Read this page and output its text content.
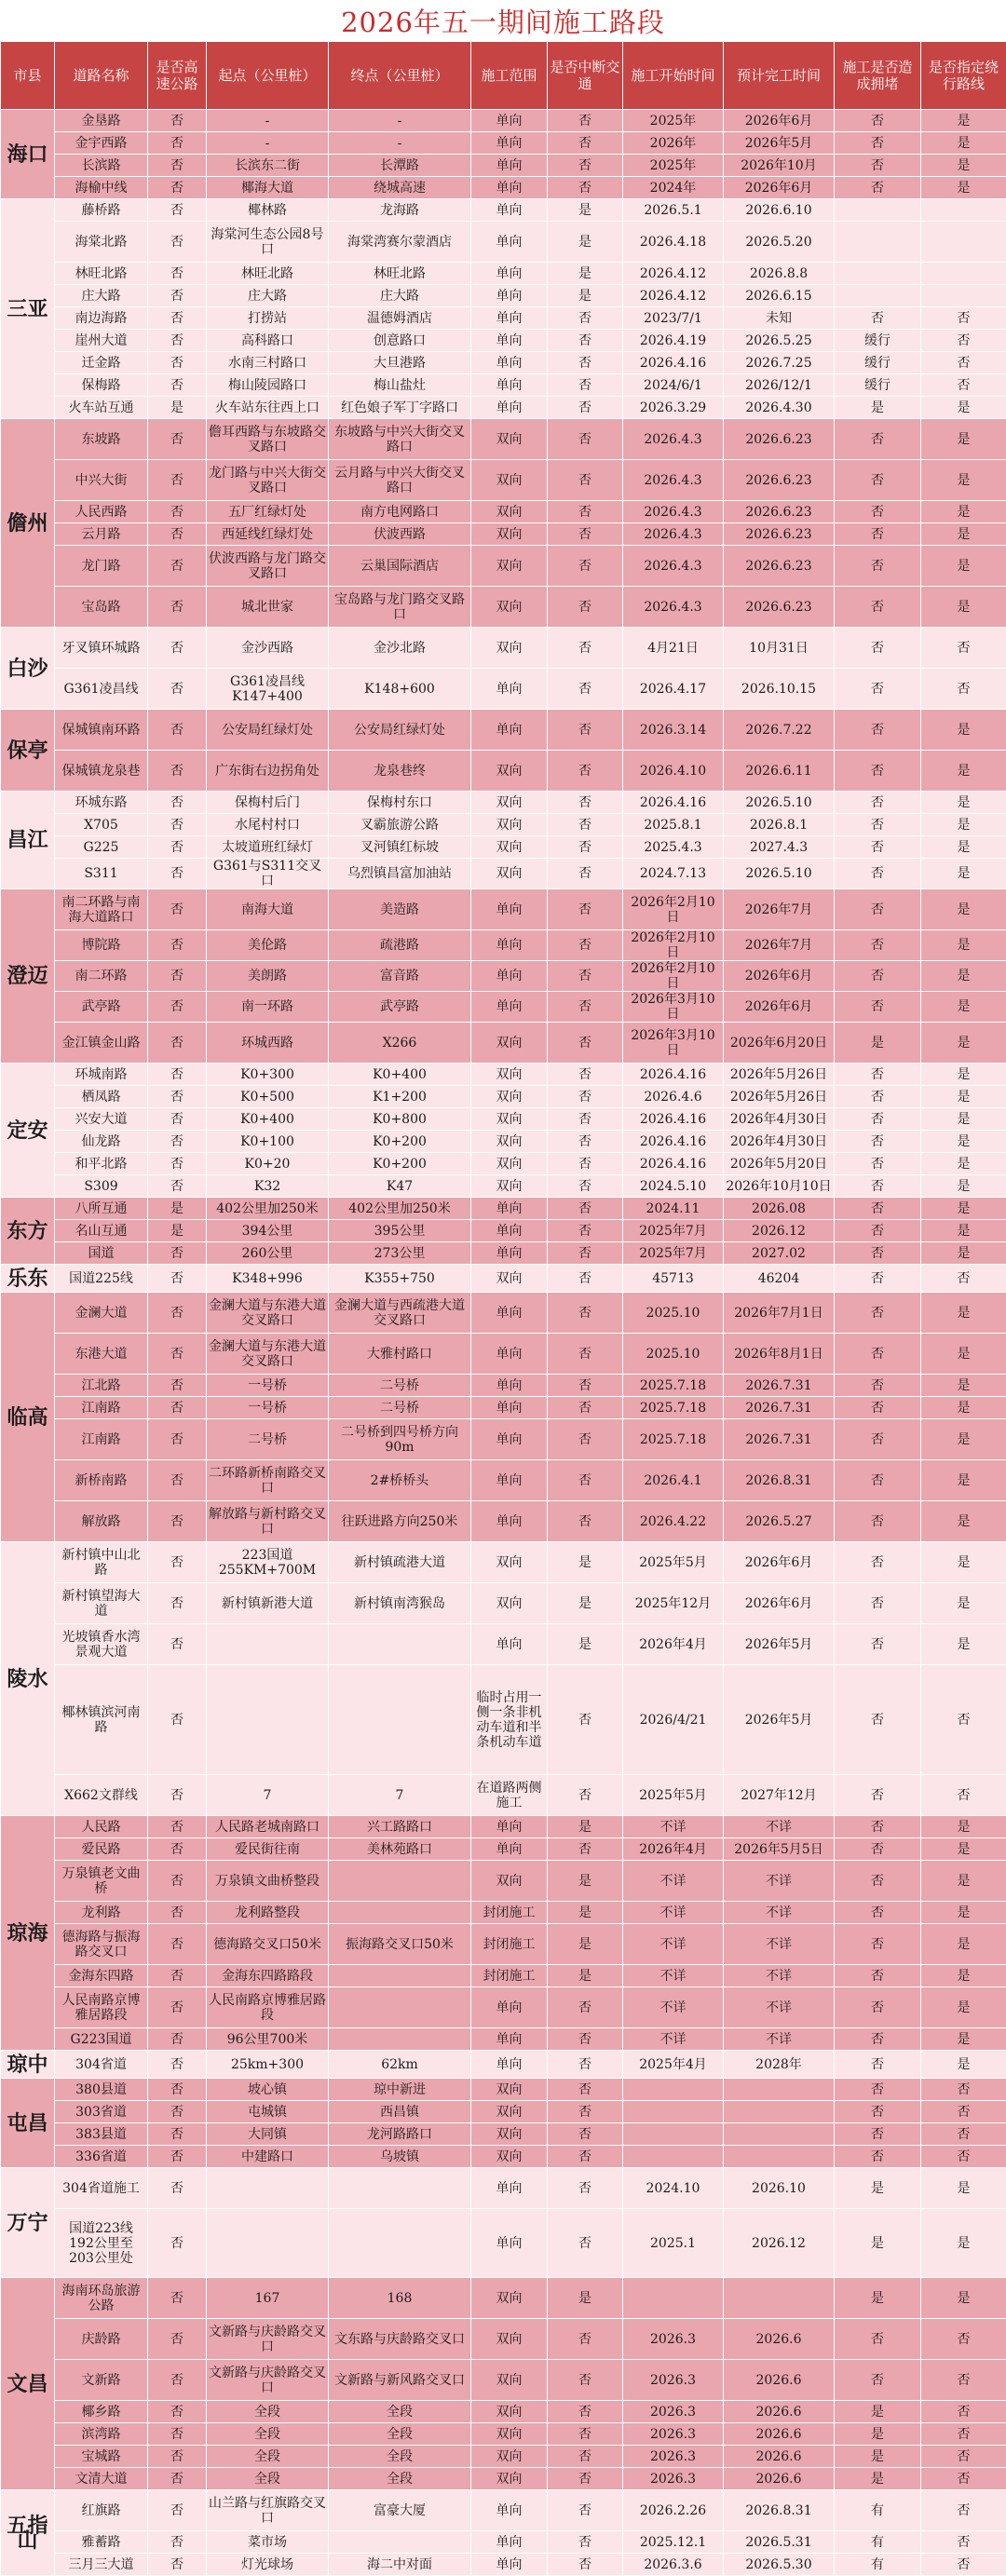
2026年五一期间施工路段
市县	道路名称	是否高速公路	起点（公里桩）	终点（公里桩）	施工范围	是否中断交通	施工开始时间	预计完工时间	施工是否造成拥堵	是否指定绕行路线
海口	金垦路	否	-	-	单向	否	2025年	2026年6月	否	是
	金宇西路	否	-	-	单向	否	2026年	2026年5月	否	是
	长滨路	否	长滨东二街	长潭路	单向	否	2025年	2026年10月	否	是
	海榆中线	否	椰海大道	绕城高速	单向	否	2024年	2026年6月	否	是
三亚	藤桥路	否	椰林路	龙海路	单向	是	2026.5.1	2026.6.10		
	海棠北路	否	海棠河生态公园8号口	海棠湾赛尔蒙酒店	单向	是	2026.4.18	2026.5.20		
	林旺北路	否	林旺北路	林旺北路	单向	是	2026.4.12	2026.8.8		
	庄大路	否	庄大路	庄大路	单向	是	2026.4.12	2026.6.15		
	南边海路	否	打捞站	温德姆酒店	单向	否	2023/7/1	未知	否	否
	崖州大道	否	高科路口	创意路口	单向	否	2026.4.19	2026.5.25	缓行	否
	迁金路	否	水南三村路口	大旦港路	单向	否	2026.4.16	2026.7.25	缓行	否
	保梅路	否	梅山陵园路口	梅山盐灶	单向	否	2024/6/1	2026/12/1	缓行	否
	火车站互通	是	火车站东往西上口	红色娘子军丁字路口	单向	否	2026.3.29	2026.4.30	是	是
儋州	东坡路	否	儋耳西路与东坡路交叉路口	东坡路与中兴大街交叉路口	双向	否	2026.4.3	2026.6.23	否	是
	中兴大街	否	龙门路与中兴大街交叉路口	云月路与中兴大街交叉路口	双向	否	2026.4.3	2026.6.23	否	是
	人民西路	否	五厂红绿灯处	南方电网路口	双向	否	2026.4.3	2026.6.23	否	是
	云月路	否	西延线红绿灯处	伏波西路	双向	否	2026.4.3	2026.6.23	否	是
	龙门路	否	伏波西路与龙门路交叉路口	云巢国际酒店	双向	否	2026.4.3	2026.6.23	否	是
	宝岛路	否	城北世家	宝岛路与龙门路交叉路口	双向	否	2026.4.3	2026.6.23	否	是
白沙	牙叉镇环城路	否	金沙西路	金沙北路	双向	否	4月21日	10月31日	否	否
	G361凌昌线	否	G361凌昌线K147+400	K148+600	单向	否	2026.4.17	2026.10.15	否	否
保亭	保城镇南环路	否	公安局红绿灯处	公安局红绿灯处	单向	否	2026.3.14	2026.7.22	否	是
	保城镇龙泉巷	否	广东街右边拐角处	龙泉巷终	双向	否	2026.4.10	2026.6.11	否	是
昌江	环城东路	否	保梅村后门	保梅村东口	双向	否	2026.4.16	2026.5.10	否	是
	X705	否	水尾村村口	叉霸旅游公路	双向	否	2025.8.1	2026.8.1	否	是
	G225	否	太坡道班红绿灯	叉河镇红标坡	双向	否	2025.4.3	2027.4.3	否	是
	S311	否	G361与S311交叉口	乌烈镇昌富加油站	双向	否	2024.7.13	2026.5.10	否	是
澄迈	南二环路与南海大道路口	否	南海大道	美造路	单向	否	2026年2月10日	2026年7月	否	是
	博院路	否	美伦路	疏港路	单向	否	2026年2月10日	2026年7月	否	是
	南二环路	否	美朗路	富音路	单向	否	2026年2月10日	2026年6月	否	是
	武亭路	否	南一环路	武亭路	单向	否	2026年3月10日	2026年6月	否	是
	金江镇金山路	否	环城西路	X266	双向	否	2026年3月10日	2026年6月20日	是	是
定安	环城南路	否	K0+300	K0+400	双向	否	2026.4.16	2026年5月26日	否	是
	栖凤路	否	K0+500	K1+200	双向	否	2026.4.6	2026年5月26日	否	是
	兴安大道	否	K0+400	K0+800	双向	否	2026.4.16	2026年4月30日	否	是
	仙龙路	否	K0+100	K0+200	双向	否	2026.4.16	2026年4月30日	否	是
	和平北路	否	K0+20	K0+200	双向	否	2026.4.16	2026年5月20日	否	是
	S309	否	K32	K47	双向	否	2024.5.10	2026年10月10日	否	是
东方	八所互通	是	402公里加250米	402公里加250米	单向	否	2024.11	2026.08	否	是
	名山互通	是	394公里	395公里	单向	否	2025年7月	2026.12	否	是
	国道	否	260公里	273公里	单向	否	2025年7月	2027.02	否	是
乐东	国道225线	否	K348+996	K355+750	双向	否	45713	46204	否	否
临高	金澜大道	否	金澜大道与东港大道交叉路口	金澜大道与西疏港大道交叉路口	单向	否	2025.10	2026年7月1日	否	是
	东港大道	否	金澜大道与东港大道交叉路口	大雅村路口	单向	否	2025.10	2026年8月1日	否	是
	江北路	否	一号桥	二号桥	单向	否	2025.7.18	2026.7.31	否	是
	江南路	否	一号桥	二号桥	单向	否	2025.7.18	2026.7.31	否	是
	江南路	否	二号桥	二号桥到四号桥方向90m	单向	否	2025.7.18	2026.7.31	否	是
	新桥南路	否	二环路新桥南路交叉口	2#桥桥头	单向	否	2026.4.1	2026.8.31	否	是
	解放路	否	解放路与新村路交叉口	往跃进路方向250米	单向	否	2026.4.22	2026.5.27	否	是
陵水	新村镇中山北路	否	223国道255KM+700M	新村镇疏港大道	双向	是	2025年5月	2026年6月	否	是
	新村镇望海大道	否	新村镇新港大道	新村镇南湾猴岛	双向	是	2025年12月	2026年6月	否	是
	光坡镇香水湾景观大道	否			单向	是	2026年4月	2026年5月	否	是
	椰林镇滨河南路	否			临时占用一侧一条非机动车道和半条机动车道	否	2026/4/21	2026年5月	否	否
	X662文群线	否	7	7	在道路两侧施工	否	2025年5月	2027年12月	否	否
琼海	人民路	否	人民路老城南路口	兴工路路口	单向	是	不详	不详	否	是
	爱民路	否	爱民街往南	美林苑路口	单向	否	2026年4月	2026年5月5日	否	是
	万泉镇老文曲桥	否	万泉镇文曲桥整段		双向	是	不详	不详	否	是
	龙利路	否	龙利路整段		封闭施工	是	不详	不详	否	是
	德海路与振海路交叉口	否	德海路交叉口50米	振海路交叉口50米	封闭施工	是	不详	不详	否	是
	金海东四路	否	金海东四路路段		封闭施工	是	不详	不详	否	是
	人民南路京博雅居路段	否	人民南路京博雅居路段		单向	否	不详	不详	否	是
	G223国道	否	96公里700米		单向	否	不详	不详	否	是
琼中	304省道	否	25km+300	62km	单向	否	2025年4月	2028年	否	是
屯昌	380县道	否	坡心镇	琼中新进	双向	否			否	否
	303省道	否	屯城镇	西昌镇	双向	否			否	否
	383县道	否	大同镇	龙河路路口	双向	否			否	否
	336省道	否	中建路口	乌坡镇	双向	否			否	否
万宁	304省道施工	否			单向	否	2024.10	2026.10	是	是
	国道223线192公里至203公里处	否			单向	否	2025.1	2026.12	是	是
文昌	海南环岛旅游公路	否	167	168	双向	是			是	是
	庆龄路	否	文新路与庆龄路交叉口	文东路与庆龄路交叉口	双向	否	2026.3	2026.6	否	否
	文新路	否	文新路与庆龄路交叉口	文新路与新风路交叉口	双向	否	2026.3	2026.6	否	否
	椰乡路	否	全段	全段	双向	否	2026.3	2026.6	是	否
	滨湾路	否	全段	全段	双向	否	2026.3	2026.6	是	否
	宝城路	否	全段	全段	双向	否	2026.3	2026.6	是	否
	文清大道	否	全段	全段	双向	否	2026.3	2026.6	是	否
五指山	红旗路	否	山兰路与红旗路交叉口	富豪大厦	单向	否	2026.2.26	2026.8.31	有	否
	雅蓄路	否	菜市场		单向	否	2025.12.1	2026.5.31	有	否
	三月三大道	否	灯光球场	海二中对面	单向	否	2026.3.6	2026.5.30	有	否
